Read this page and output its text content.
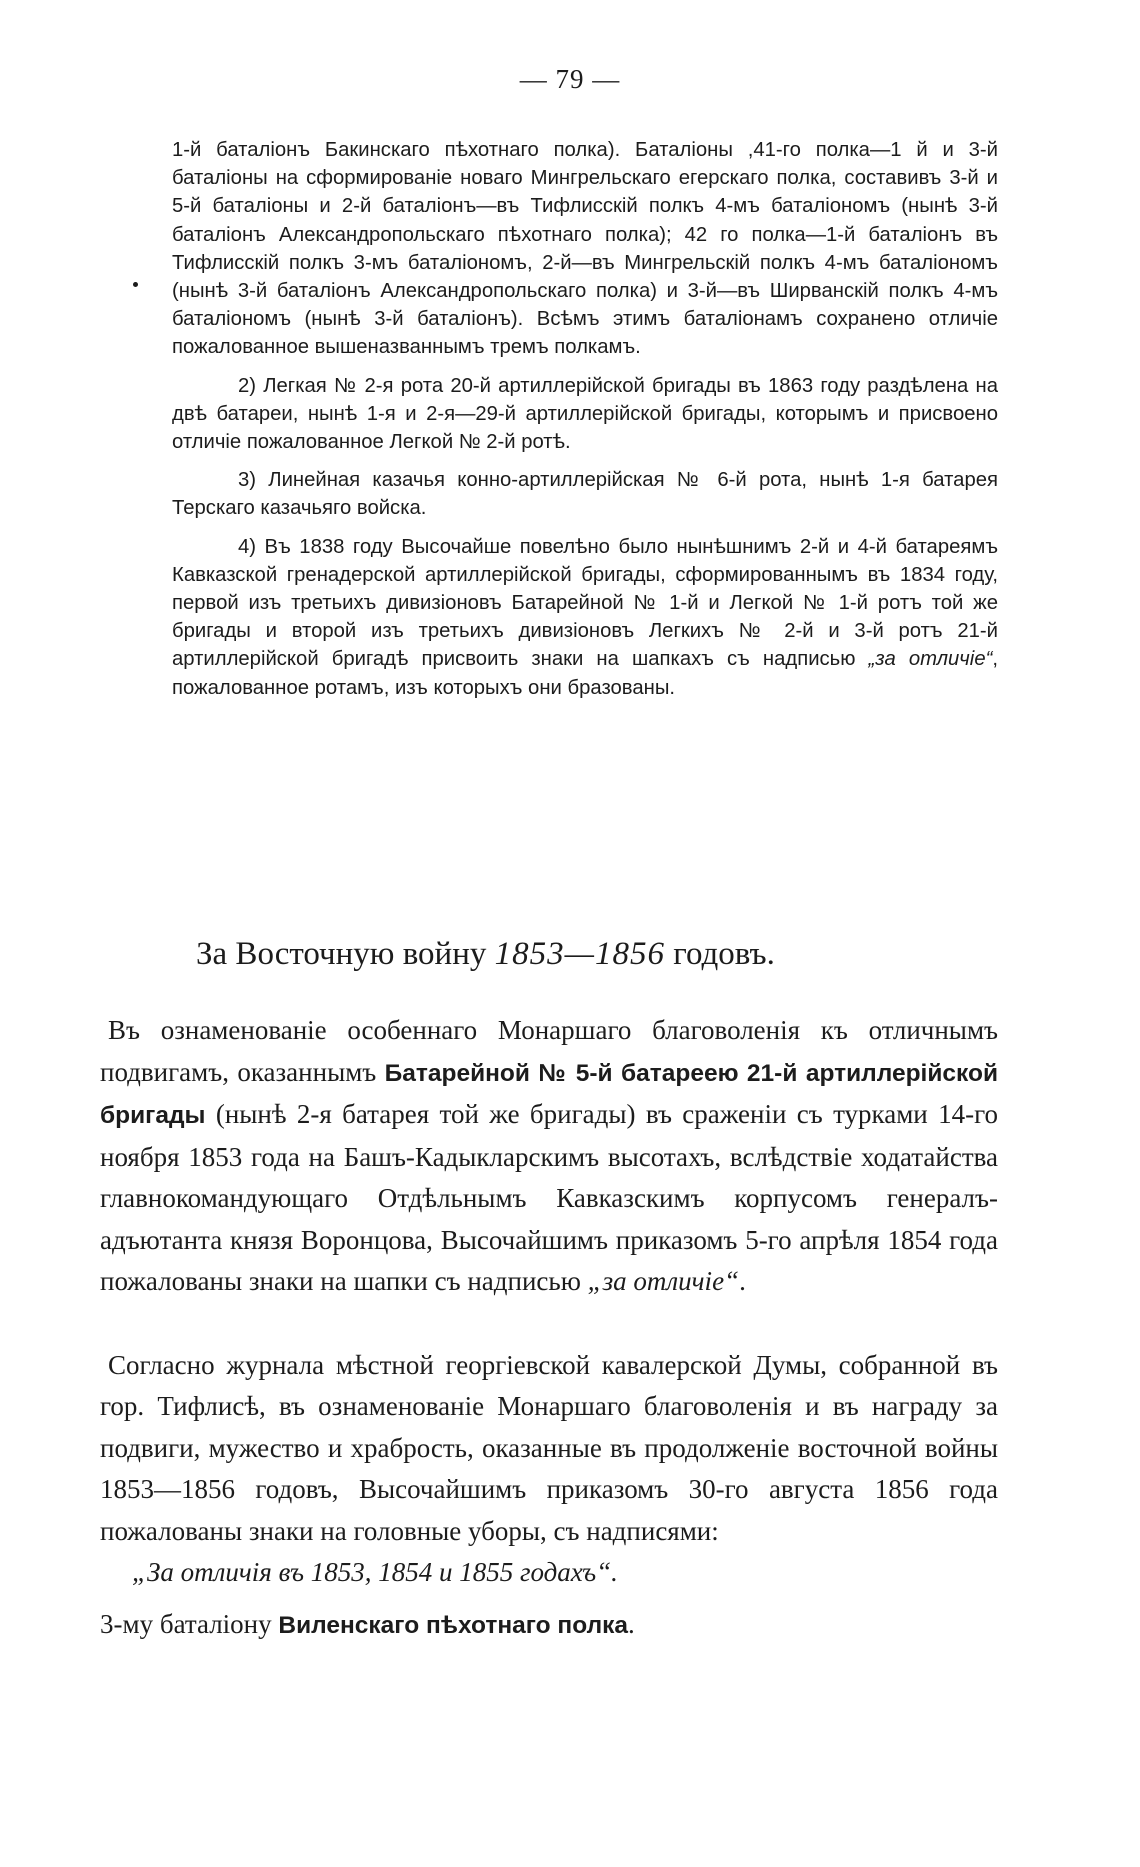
— 79 —

1-й баталіонъ Бакинскаго пѣхотнаго полка). Баталіоны ,41-го полка—1 й и 3-й баталіоны на сформированіе новаго Мингрельскаго егерскаго полка, составивъ 3-й и 5-й баталіоны и 2-й баталіонъ—въ Тифлисскій полкъ 4-мъ баталіономъ (нынѣ 3-й баталіонъ Александропольскаго пѣхотнаго полка); 42 го полка—1-й баталіонъ въ Тифлисскій полкъ 3-мъ баталіономъ, 2-й—въ Мингрельскій полкъ 4-мъ баталіономъ (нынѣ 3-й баталіонъ Александропольскаго полка) и 3-й—въ Ширванскій полкъ 4-мъ баталіономъ (нынѣ 3-й баталіонъ). Всѣмъ этимъ баталіонамъ сохранено отличіе пожалованное вышеназваннымъ тремъ полкамъ.

2) Легкая № 2-я рота 20-й артиллерійской бригады въ 1863 году раздѣлена на двѣ батареи, нынѣ 1-я и 2-я—29-й артиллерійской бригады, которымъ и присвоено отличіе пожалованное Легкой № 2-й ротѣ.

3) Линейная казачья конно-артиллерійская № 6-й рота, нынѣ 1-я батарея Терскаго казачьяго войска.

4) Въ 1838 году Высочайше повелѣно было нынѣшнимъ 2-й и 4-й батареямъ Кавказской гренадерской артиллерійской бригады, сформированнымъ въ 1834 году, первой изъ третьихъ дивизіоновъ Батарейной № 1-й и Легкой № 1-й ротъ той же бригады и второй изъ третьихъ дивизіоновъ Легкихъ № 2-й и 3-й ротъ 21-й артиллерійской бригадѣ присвоить знаки на шапкахъ съ надписью „за отличіе“, пожалованное ротамъ, изъ которыхъ они бразованы.

За Восточную войну 1853—1856 годовъ.

Въ ознаменованіе особеннаго Монаршаго благоволенія къ отличнымъ подвигамъ, оказаннымъ Батарейной № 5-й батареею 21-й артиллерійской бригады (нынѣ 2-я батарея той же бригады) въ сраженіи съ турками 14-го ноября 1853 года на Башъ-Кадыкларскимъ высотахъ, вслѣдствіе ходатайства главнокомандующаго Отдѣльнымъ Кавказскимъ корпусомъ генералъ-адъютанта князя Воронцова, Высочайшимъ приказомъ 5-го апрѣля 1854 года пожалованы знаки на шапки съ надписью „за отличіе“.

Согласно журнала мѣстной георгіевской кавалерской Думы, собранной въ гор. Тифлисѣ, въ ознаменованіе Монаршаго благоволенія и въ награду за подвиги, мужество и храбрость, оказанные въ продолженіе восточной войны 1853—1856 годовъ, Высочайшимъ приказомъ 30-го августа 1856 года пожалованы знаки на головные уборы, съ надписями:

„За отличія въ 1853, 1854 и 1855 годахъ“.

3-му баталіону Виленскаго пѣхотнаго полка.
